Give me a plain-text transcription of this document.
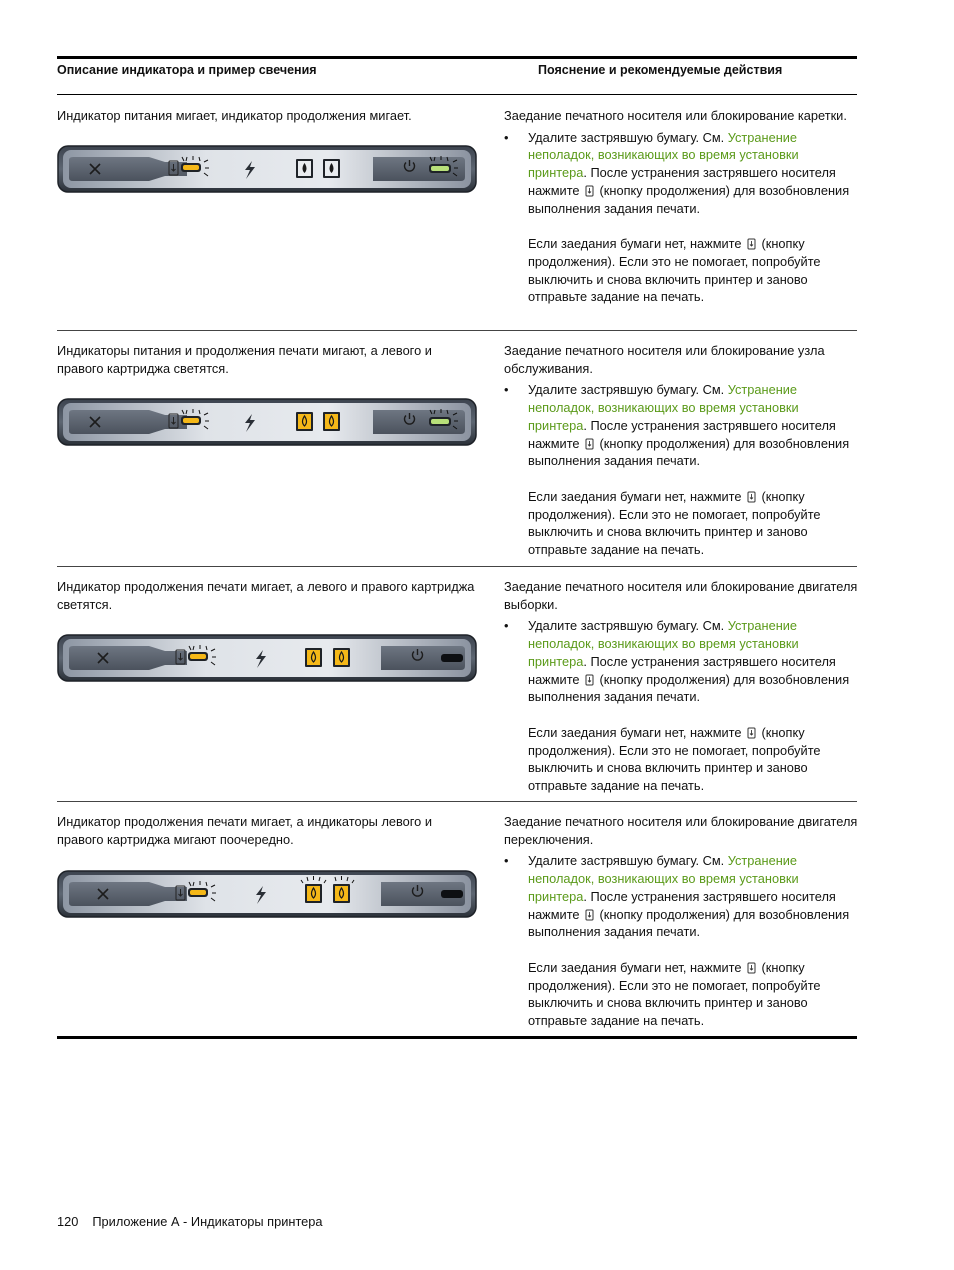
Описание индикатора и пример свечения	Пояснение и рекомендуемые действия
Индикатор питания мигает, индикатор продолжения мигает.	Заедание печатного носителя или блокирование каретки.

• Удалите застрявшую бумагу. См. Устранение неполадок, возникающих во время установки принтера. После устранения застрявшего носителя нажмите (кнопку продолжения) для возобновления выполнения задания печати.

Если заедания бумаги нет, нажмите (кнопку продолжения). Если это не помогает, попробуйте выключить и снова включить принтер и заново отправьте задание на печать.

Индикаторы питания и продолжения печати мигают, а левого и правого картриджа светятся.

Заедание печатного носителя или блокирование узла обслуживания.

• Удалите застрявшую бумагу. См. Устранение неполадок, возникающих во время установки принтера. После устранения застрявшего носителя нажмите (кнопку продолжения) для возобновления выполнения задания печати.

Если заедания бумаги нет, нажмите (кнопку продолжения). Если это не помогает, попробуйте выключить и снова включить принтер и заново отправьте задание на печать.

Индикатор продолжения печати мигает, а левого и правого картриджа светятся.

Заедание печатного носителя или блокирование двигателя выборки.

• Удалите застрявшую бумагу. См. Устранение неполадок, возникающих во время установки принтера. После устранения застрявшего носителя нажмите (кнопку продолжения) для возобновления выполнения задания печати.

Если заедания бумаги нет, нажмите (кнопку продолжения). Если это не помогает, попробуйте выключить и снова включить принтер и заново отправьте задание на печать.

Индикатор продолжения печати мигает, а индикаторы левого и правого картриджа мигают поочередно.

Заедание печатного носителя или блокирование двигателя переключения.

• Удалите застрявшую бумагу. См. Устранение неполадок, возникающих во время установки принтера. После устранения застрявшего носителя нажмите (кнопку продолжения) для возобновления выполнения задания печати.

Если заедания бумаги нет, нажмите (кнопку продолжения). Если это не помогает, попробуйте выключить и снова включить принтер и заново отправьте задание на печать.

120 Приложение А - Индикаторы принтера
